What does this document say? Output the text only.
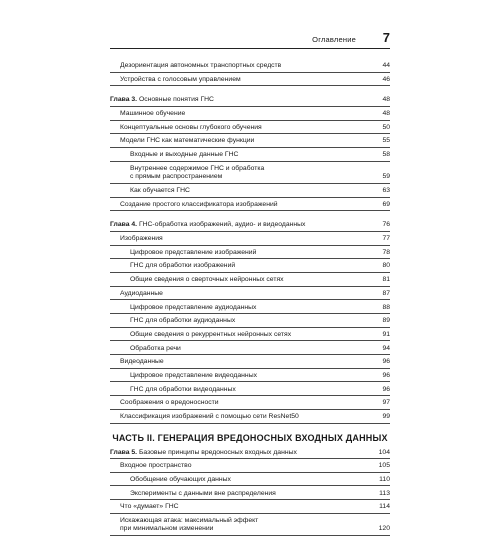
Оглавление 7
Дезориентация автономных транспортных средств	44
Устройства с голосовым управлением	46
Глава 3. Основные понятия ГНС	48
Машинное обучение	48
Концептуальные основы глубокого обучения	50
Модели ГНС как математические функции	55
Входные и выходные данные ГНС	58
Внутреннее содержимое ГНС и обработка
с прямым распространением	59
Как обучается ГНС	63
Создание простого классификатора изображений	69
Глава 4. ГНС-обработка изображений, аудио- и видеоданных	76
Изображения	77
Цифровое представление изображений	78
ГНС для обработки изображений	80
Общие сведения о сверточных нейронных сетях	81
Аудиоданные	87
Цифровое представление аудиоданных	88
ГНС для обработки аудиоданных	89
Общие сведения о рекуррентных нейронных сетях	91
Обработка речи	94
Видеоданные	96
Цифровое представление видеоданных	96
ГНС для обработки видеоданных	96
Соображения о вредоносности	97
Классификация изображений с помощью сети ResNet50	99
ЧАСТЬ II. ГЕНЕРАЦИЯ ВРЕДОНОСНЫХ ВХОДНЫХ ДАННЫХ
Глава 5. Базовые принципы вредоносных входных данных	104
Входное пространство	105
Обобщение обучающих данных	110
Эксперименты с данными вне распределения	113
Что «думает» ГНС	114
Искажающая атака: максимальный эффект
при минимальном изменении	120
